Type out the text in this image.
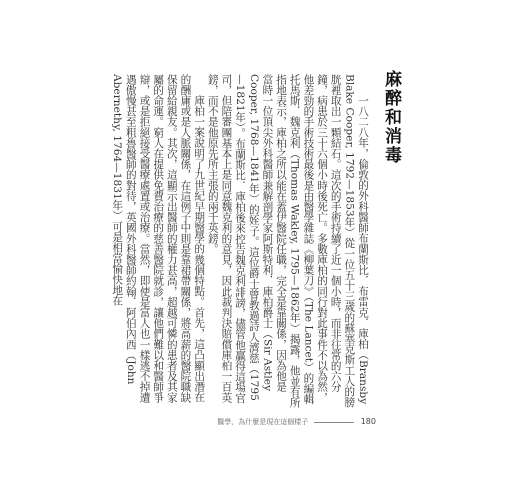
麻醉和消毒

一八二八年，倫敦的外科醫師布蘭斯比．布雷克．庫柏（Bransby Blake Cooper, 1792—1853年）從一位五十三歲的蘇塞克斯工人的膀胱裡取出一顆結石。這次的手術持續了近一個小時，而非往常的六分鐘，病患於三十六個小時後死亡。多數庫柏的同行對此事件不以為然，他差勁的手術技術最後是由醫學雜誌《柳葉刀》（The Lancet）的編輯托馬斯．魏克利（Thomas Wakley, 1795—1862年）揭露，他並有所指地表示，庫柏之所以能在蓋伊醫院任職，完全是靠關係，因為他是

當時一位頂尖外科醫師兼解剖學家阿斯特利．庫柏爵士（Sir Astley Cooper, 1768—1841年）的姪子。這位爵士曾教過詩人濟慈（1795—1821年）。布蘭斯比．庫柏後來控告魏克利誹謗，儘管他贏得這場官司，但陪審團基本上是同意魏克利的意見，因此裁判決賠償庫柏一百英鎊，而不是他原先所主張的兩千英鎊。

庫柏一案說明了九世紀早期醫學的幾個特點。首先，這凸顯出潛在的酬庸或是人脈關係，在這例子中則是靠裙帶關係，將高薪的醫院職缺保留給親友。其次，這顯示出醫師的權力甚高，超越可憐的患者及其家屬的命運。窮人在提供免費治療的慈善醫院就診，讓他們難以和醫師爭辯，或是拒絕接受醫療處置或治療。當然，即使是富人也一樣逃不掉遭遇傲慢甚至粗魯醫師的對待，英國外科醫師約翰．阿伯內西（John Abernethy, 1764—1831年）可是相當愉快地在

醫學，為什麼是現在這個樣子	180
